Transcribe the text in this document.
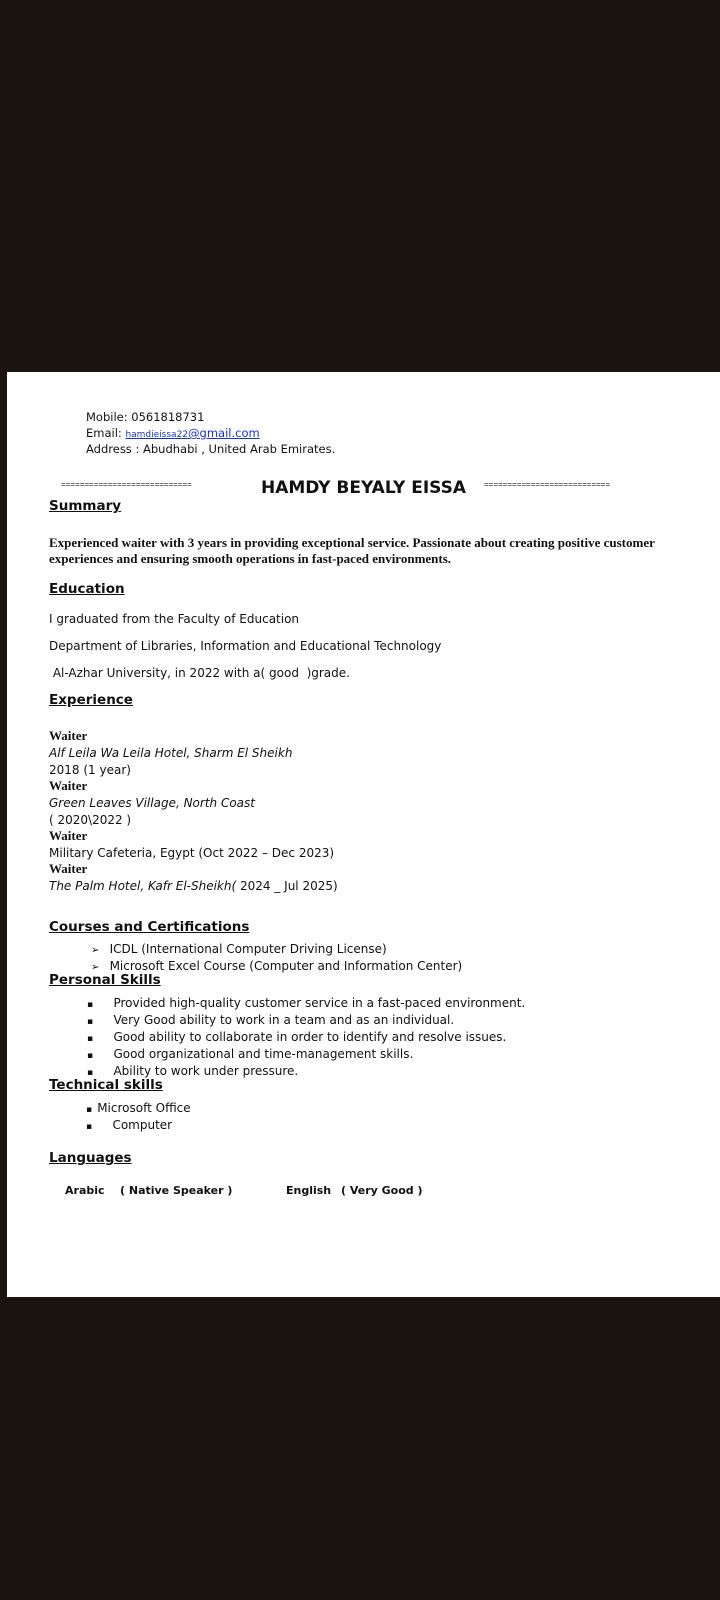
Mobile: 0561818731
Email: hamdieissa22@gmail.com
Address : Abudhabi , United Arab Emirates.
============================	HAMDY BEYALY EISSA ===========================
Summary
Experienced waiter with 3 years in providing exceptional service. Passionate about creating positive customer experiences and ensuring smooth operations in fast-paced environments.
Education
I graduated from the Faculty of Education
Department of Libraries, Information and Educational Technology
Al-Azhar University, in 2022 with a( good  )grade.
Experience
Waiter
Alf Leila Wa Leila Hotel, Sharm El Sheikh
2018 (1 year)
Waiter
Green Leaves Village, North Coast
( 2020\2022 )
Waiter
Military Cafeteria, Egypt (Oct 2022 – Dec 2023)
Waiter
The Palm Hotel, Kafr El-Sheikh( 2024 _ Jul 2025)
Courses and Certifications
➢ ICDL (International Computer Driving License)
➢ Microsoft Excel Course (Computer and Information Center)
Personal Skills
▪ Provided high-quality customer service in a fast-paced environment.
▪ Very Good ability to work in a team and as an individual.
▪ Good ability to collaborate in order to identify and resolve issues.
▪ Good organizational and time-management skills.
▪ Ability to work under pressure.
Technical skills
▪ Microsoft Office
▪ Computer
Languages
Arabic ( Native Speaker )	English ( Very Good )
